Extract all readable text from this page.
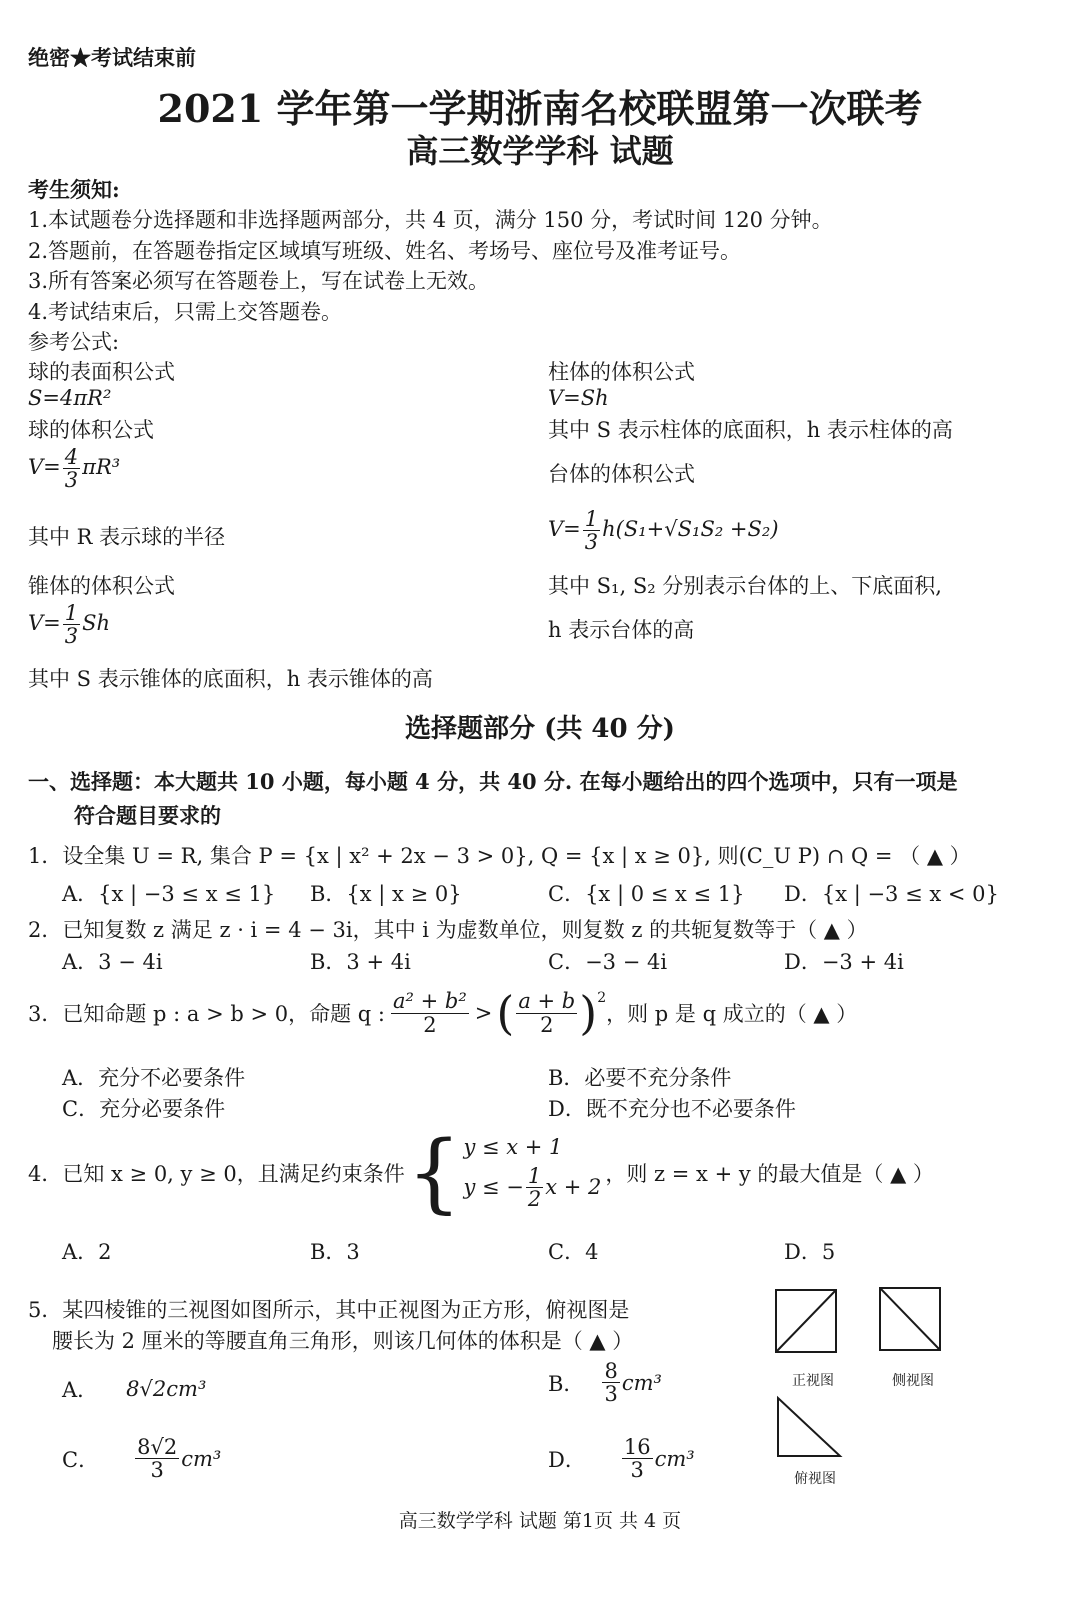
绝密★考试结束前
2021 学年第一学期浙南名校联盟第一次联考
高三数学学科 试题
考生须知:
1.本试题卷分选择题和非选择题两部分，共 4 页，满分 150 分，考试时间 120 分钟。
2.答题前，在答题卷指定区域填写班级、姓名、考场号、座位号及准考证号。
3.所有答案必须写在答题卷上，写在试卷上无效。
4.考试结束后，只需上交答题卷。
参考公式:
球的表面积公式
S=4πR²
球的体积公式
$V= \frac{4}{3} \pi R^3$
其中 R 表示球的半径
锥体的体积公式
$V= \frac{1}{3}$ Sh
其中 S 表示锥体的底面积，h 表示锥体的高
柱体的体积公式
V=Sh
其中 S 表示柱体的底面积，h 表示柱体的高
台体的体积公式
$V= \frac{1}{3} h(S_1+√S_1S_2 +S_2)$
其中 S₁, S₂ 分别表示台体的上、下底面积,
h 表示台体的高
选择题部分 (共 40 分)
一、选择题：本大题共 10 小题，每小题 4 分，共 40 分. 在每小题给出的四个选项中，只有一项是
符合题目要求的
1．设全集 U = R, 集合 P = {x | x² + 2x − 3 > 0}, Q = {x | x ≥ 0}, 则(C_U P) ∩ Q = （ ▲ ）
A．{x | −3 ≤ x ≤ 1} B．{x | x ≥ 0}	C．{x | 0 ≤ x ≤ 1} D．{x | −3 ≤ x < 0}
2．已知复数 z 满足 z · i = 4 − 3i，其中 i 为虚数单位，则复数 z 的共轭复数等于（ ▲ ）
A．3 − 4i	B．3 + 4i	C．−3 − 4i	D．−3 + 4i
3．已知命题 p : a > b > 0，命题 q : $\frac{\text{a² + b²}}{2}$ > ( $\frac{a + b}{2} )^2$
，则 p 是 q 成立的（ ▲ ）
A．充分不必要条件	B．必要不充分条件
C．充分必要条件	D．既不充分也不必要条件
4．已知 x ≥ 0, y ≥ 0，且满足约束条件 { y ≤ x + 1
y ≤ − $\frac{1}{2}$ x + 2
，则 z = x + y 的最大值是（ ▲ ）
A．2	B．3	C．4	D．5
5．某四棱锥的三视图如图所示，其中正视图为正方形，俯视图是
腰长为 2 厘米的等腰直角三角形，则该几何体的体积是（ ▲ ）
A． 8√2cm³	B． $\frac{8}{3} cm^3$
C． $\frac{8√2}{3} cm^3$	D． $\frac{16}{3} cm^3$
正视图	侧视图
俯视图
高三数学学科 试题 第1页 共 4 页
